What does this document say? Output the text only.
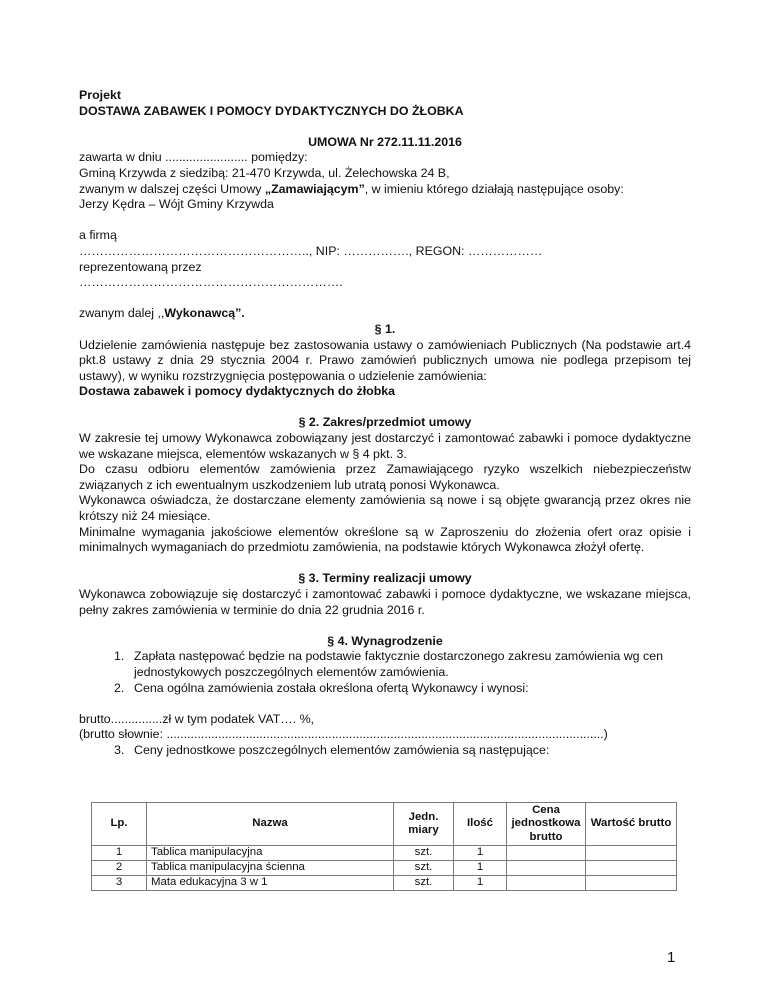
Projekt
DOSTAWA ZABAWEK I POMOCY DYDAKTYCZNYCH DO ŻŁOBKA
UMOWA Nr 272.11.11.2016
zawarta w dniu ........................ pomiędzy:
Gminą Krzywda z siedzibą: 21-470 Krzywda, ul. Żelechowska 24 B,
zwanym w dalszej części Umowy „Zamawiającym”, w imieniu którego działają następujące osoby:
Jerzy Kędra – Wójt Gminy Krzywda
a firmą
……………………………………………….., NIP: ……………., REGON: ………………
reprezentowaną przez
……………………………………………………….
zwanym dalej ,,Wykonawcą”.
§ 1.
Udzielenie zamówienia następuje bez zastosowania ustawy o zamówieniach Publicznych (Na podstawie art.4 pkt.8 ustawy z dnia 29 stycznia 2004 r. Prawo zamówień publicznych umowa nie podlega przepisom tej ustawy), w wyniku rozstrzygnięcia postępowania o udzielenie zamówienia:
Dostawa zabawek i pomocy dydaktycznych do żłobka
§ 2. Zakres/przedmiot umowy
W zakresie tej umowy Wykonawca zobowiązany jest dostarczyć i zamontować zabawki i pomoce dydaktyczne we wskazane miejsca, elementów wskazanych w § 4 pkt. 3.
Do czasu odbioru elementów zamówienia przez Zamawiającego ryzyko wszelkich niebezpieczeństw związanych z ich ewentualnym uszkodzeniem lub utratą ponosi Wykonawca.
Wykonawca oświadcza, że dostarczane elementy zamówienia są nowe i są objęte gwarancją przez okres nie krótszy niż 24 miesiące.
Minimalne wymagania jakościowe elementów określone są w Zaproszeniu do złożenia ofert oraz opisie i minimalnych wymaganiach do przedmiotu zamówienia, na podstawie których Wykonawca złożył ofertę.
§ 3. Terminy realizacji umowy
Wykonawca zobowiązuje się dostarczyć i zamontować zabawki i pomoce dydaktyczne, we wskazane miejsca, pełny zakres zamówienia w terminie do dnia 22 grudnia 2016 r.
§ 4. Wynagrodzenie
1. Zapłata następować będzie na podstawie faktycznie dostarczonego zakresu zamówienia wg cen jednostykowych poszczególnych elementów zamówienia.
2. Cena ogólna zamówienia została określona ofertą Wykonawcy i wynosi:
brutto...............zł w tym podatek VAT…. %,
(brutto słownie: ...............................................................................................................................)
3. Ceny jednostkowe poszczególnych elementów zamówienia są następujące:
Lp.	Nazwa	Jedn. miary	Ilość	Cena jednostkowa brutto	Wartość brutto
1	Tablica manipulacyjna	szt.	1		
2	Tablica manipulacyjna ścienna	szt.	1		
3	Mata edukacyjna 3 w 1	szt.	1		
1
